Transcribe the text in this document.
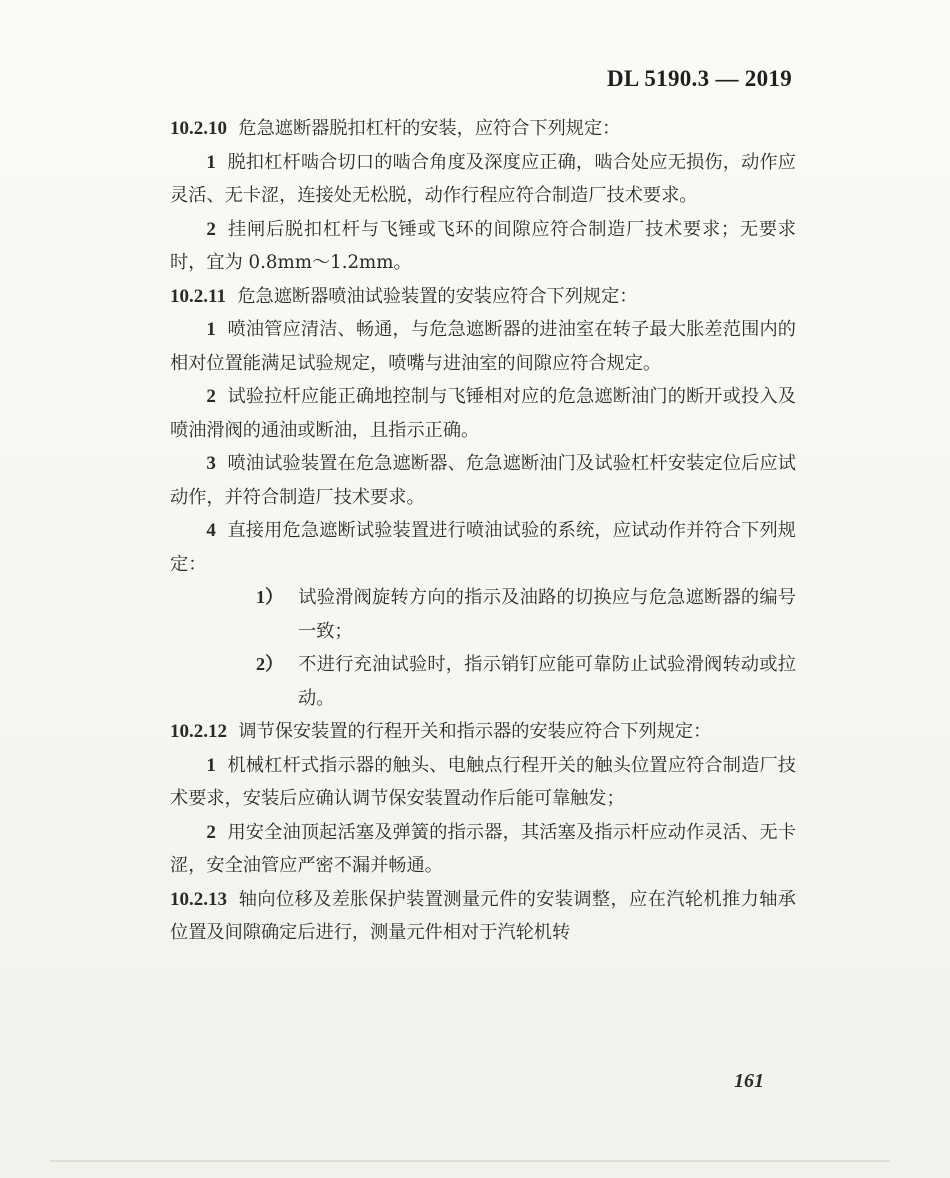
DL 5190.3 — 2019

10.2.10 危急遮断器脱扣杠杆的安装，应符合下列规定：

1 脱扣杠杆啮合切口的啮合角度及深度应正确，啮合处应无损伤，动作应灵活、无卡涩，连接处无松脱，动作行程应符合制造厂技术要求。

2 挂闸后脱扣杠杆与飞锤或飞环的间隙应符合制造厂技术要求；无要求时，宜为 0.8mm～1.2mm。

10.2.11 危急遮断器喷油试验装置的安装应符合下列规定：

1 喷油管应清洁、畅通，与危急遮断器的进油室在转子最大胀差范围内的相对位置能满足试验规定，喷嘴与进油室的间隙应符合规定。

2 试验拉杆应能正确地控制与飞锤相对应的危急遮断油门的断开或投入及喷油滑阀的通油或断油，且指示正确。

3 喷油试验装置在危急遮断器、危急遮断油门及试验杠杆安装定位后应试动作，并符合制造厂技术要求。

4 直接用危急遮断试验装置进行喷油试验的系统，应试动作并符合下列规定：

1） 试验滑阀旋转方向的指示及油路的切换应与危急遮断器的编号一致；

2） 不进行充油试验时，指示销钉应能可靠防止试验滑阀转动或拉动。

10.2.12 调节保安装置的行程开关和指示器的安装应符合下列规定：

1 机械杠杆式指示器的触头、电触点行程开关的触头位置应符合制造厂技术要求，安装后应确认调节保安装置动作后能可靠触发；

2 用安全油顶起活塞及弹簧的指示器，其活塞及指示杆应动作灵活、无卡涩，安全油管应严密不漏并畅通。

10.2.13 轴向位移及差胀保护装置测量元件的安装调整，应在汽轮机推力轴承位置及间隙确定后进行，测量元件相对于汽轮机转

161
